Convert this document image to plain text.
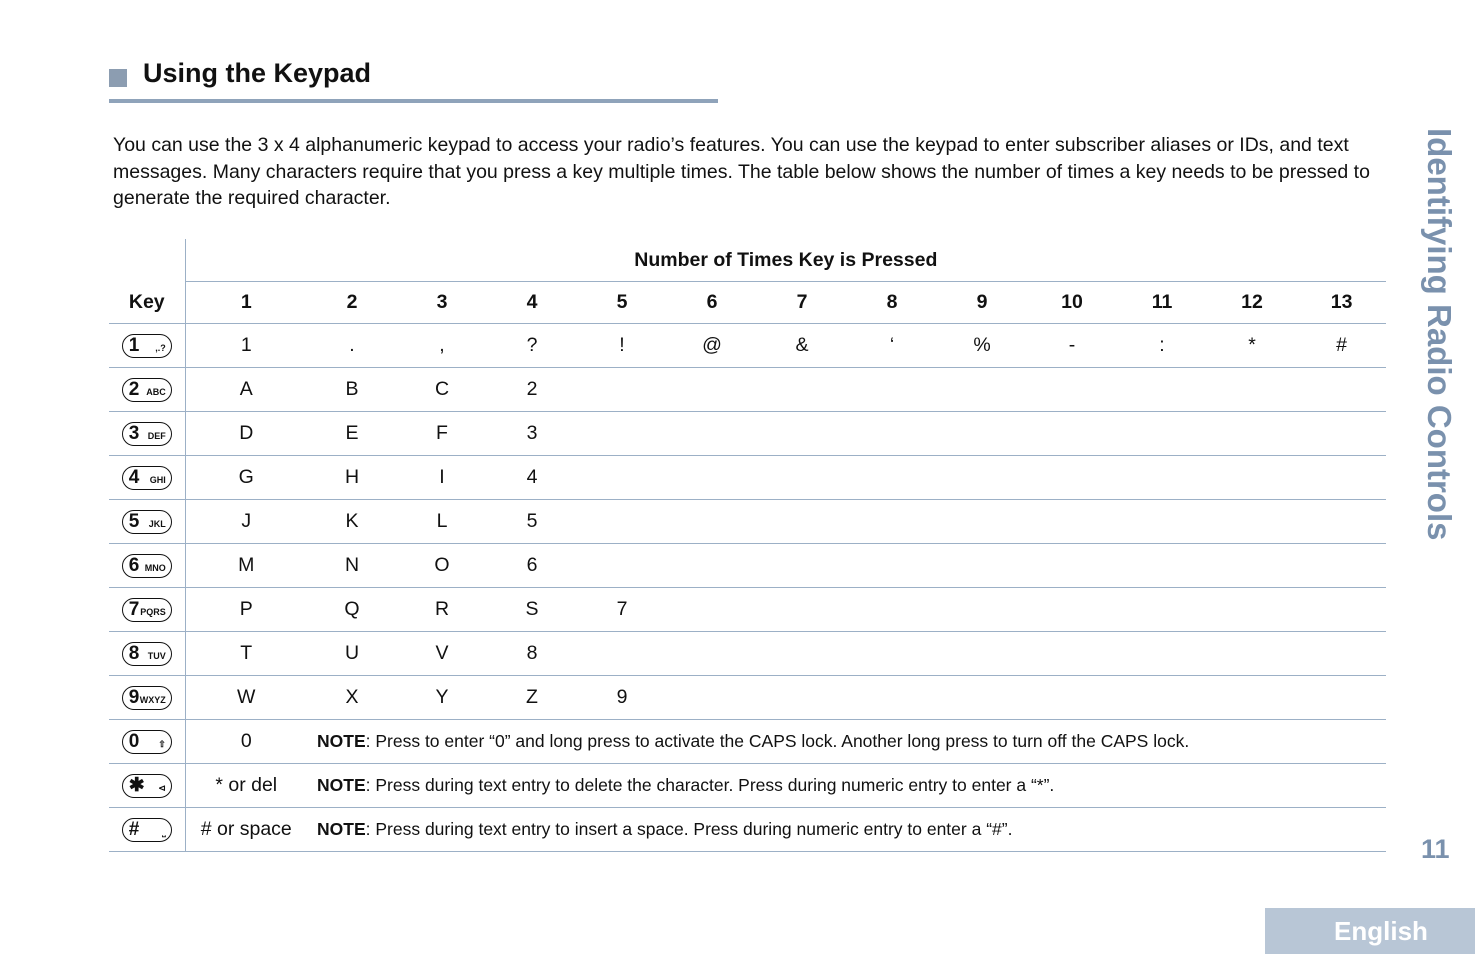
Using the Keypad
You can use the 3 x 4 alphanumeric keypad to access your radio’s features. You can use the keypad to enter subscriber aliases or IDs, and text messages. Many characters require that you press a key multiple times. The table below shows the number of times a key needs to be pressed to generate the required character.
	Number of Times Key is Pressed												
Key	1	2	3	4	5	6	7	8	9	10	11	12	13

1 ,.?	1	.	,	?	!	@	&	‘	%	-	:	*	#

2 ABC	A	B	C	2									

3 DEF	D	E	F	3									

4 GHI	G	H	I	4									

5 JKL	J	K	L	5									

6 MNO	M	N	O	6									

7 PQRS	P	Q	R	S	7								

8 TUV	T	U	V	8									

9 WXYZ	W	X	Y	Z	9								

0 ⇧	0	NOTE: Press to enter “0” and long press to activate the CAPS lock. Another long press to turn off the CAPS lock.											

✱ ⊲	* or del	NOTE: Press during text entry to delete the character. Press during numeric entry to enter a “*”.											

# ⎵	# or space	NOTE: Press during text entry to insert a space. Press during numeric entry to enter a “#”.											
Identifying Radio Controls
11
English
